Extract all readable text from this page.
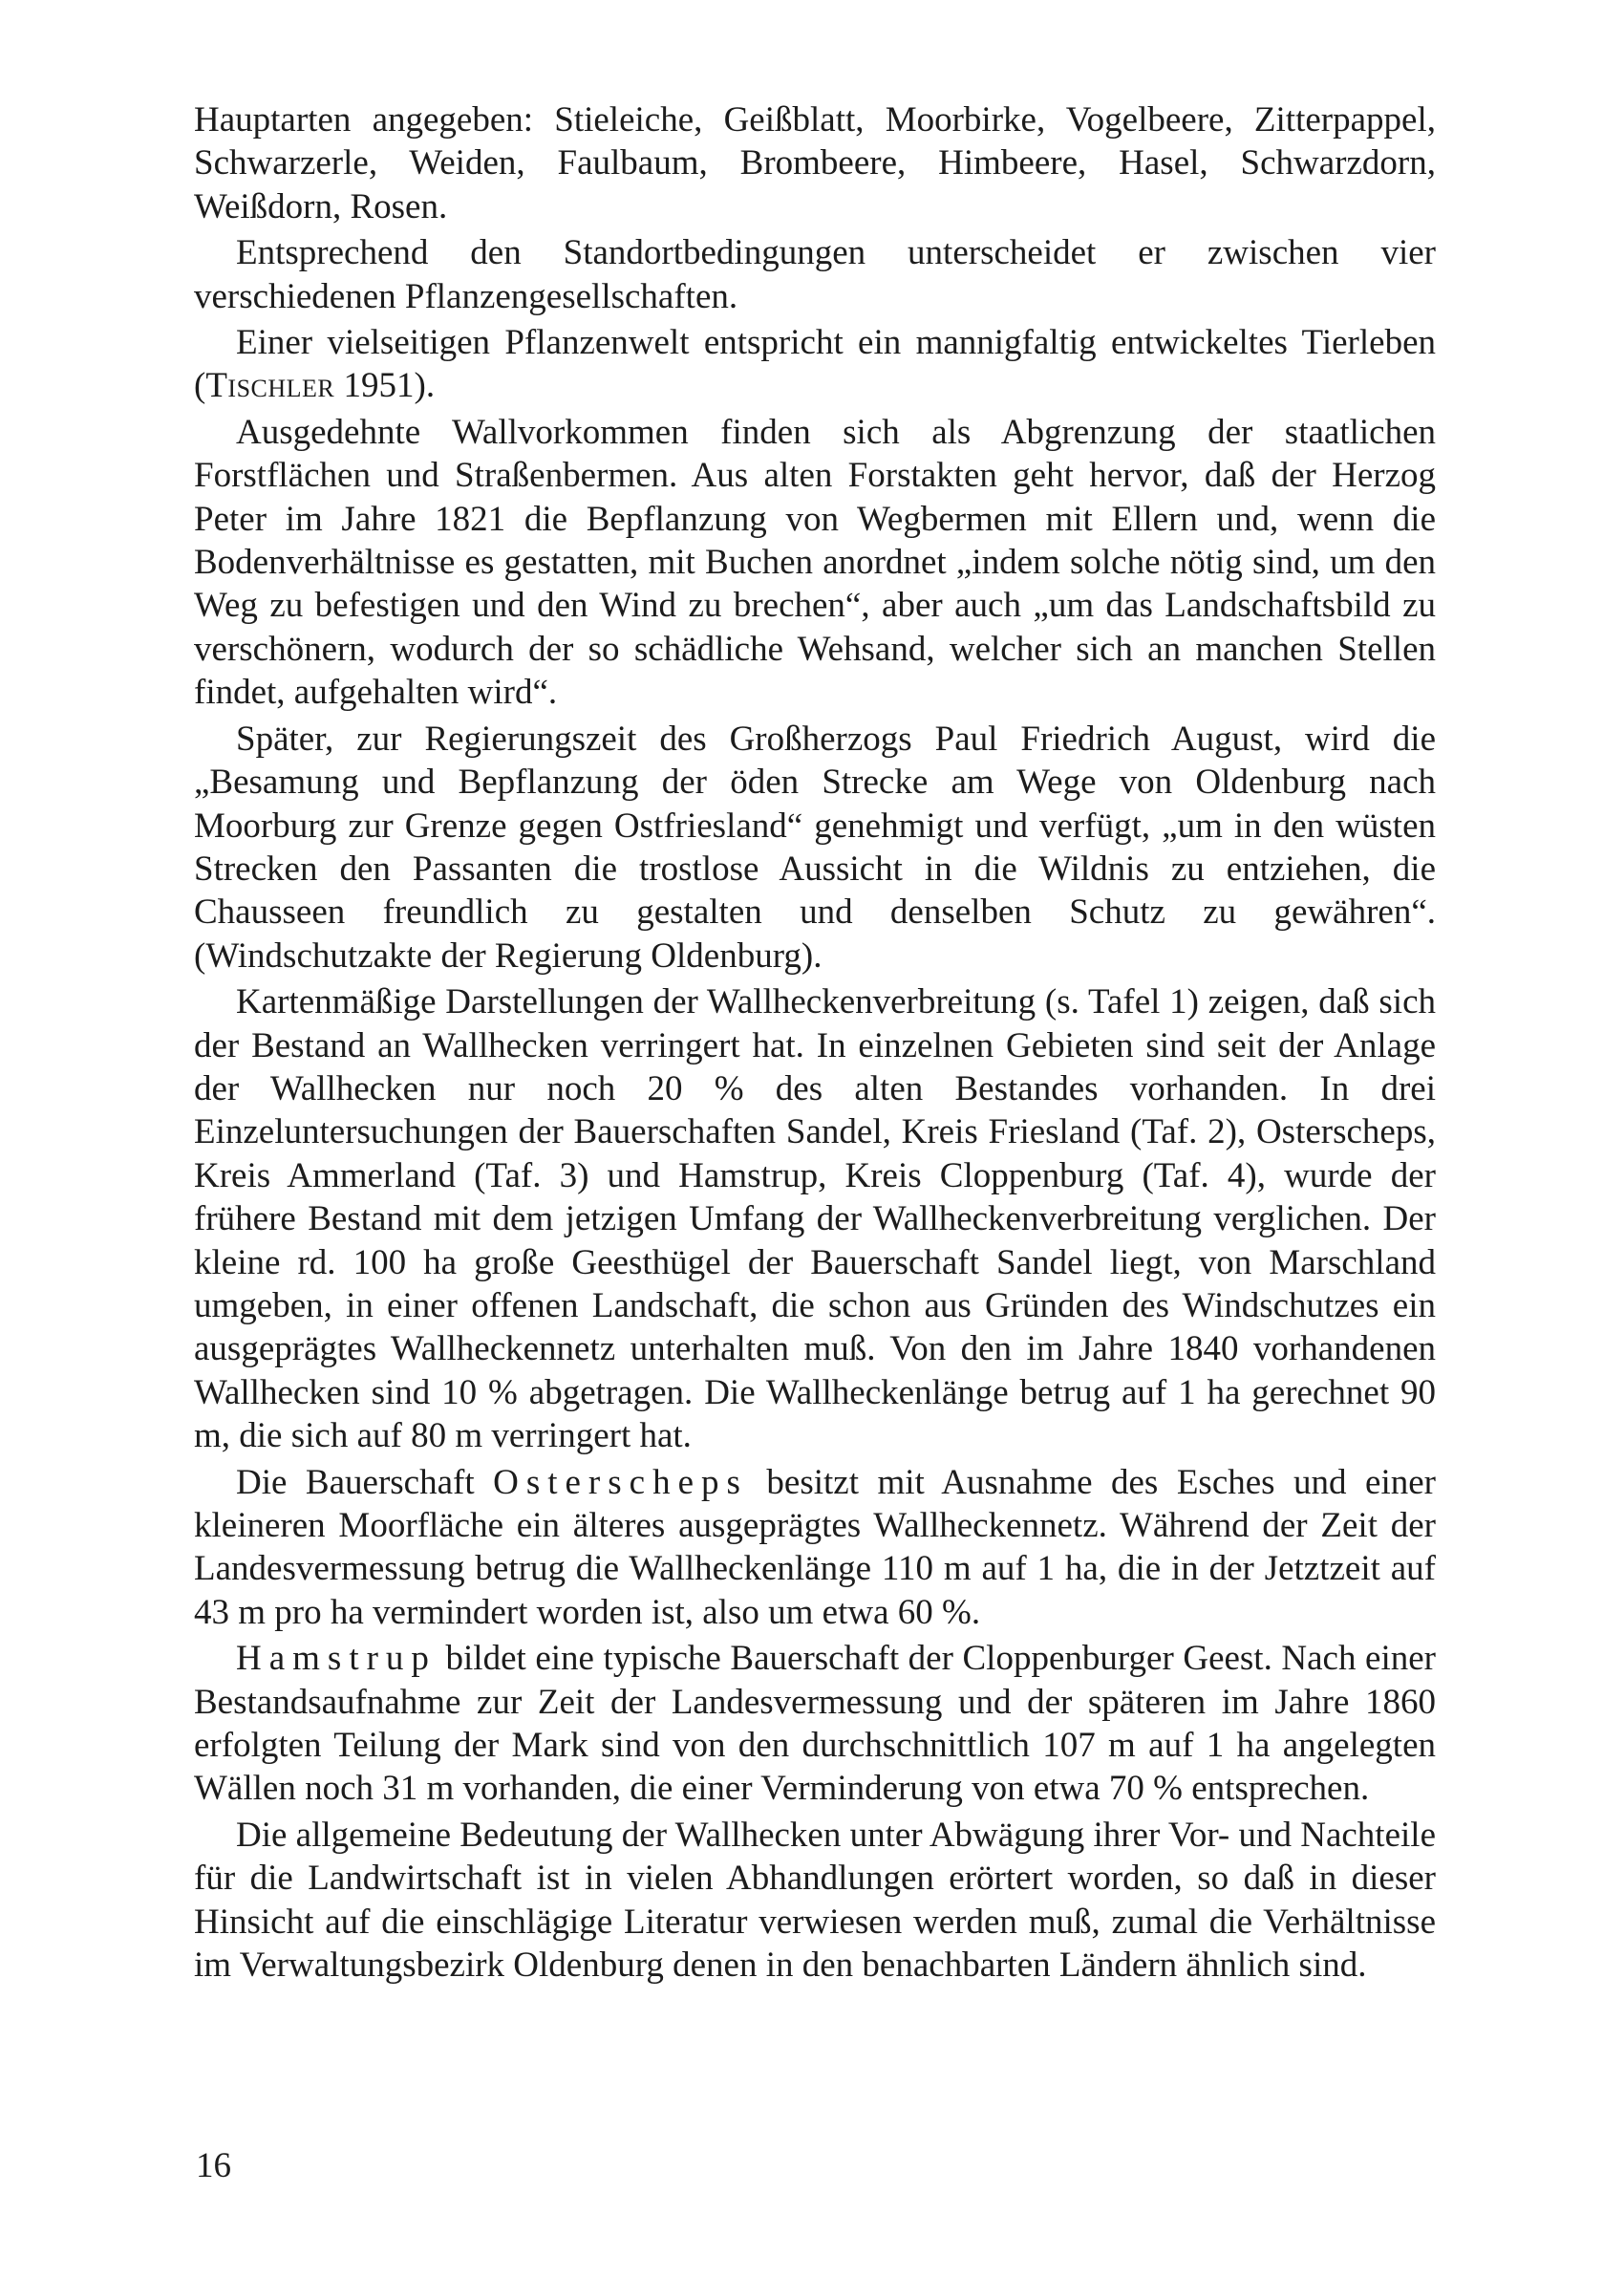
Hauptarten angegeben: Stieleiche, Geißblatt, Moorbirke, Vogelbeere, Zitterpappel, Schwarzerle, Weiden, Faulbaum, Brombeere, Himbeere, Hasel, Schwarzdorn, Weißdorn, Rosen.

Entsprechend den Standortbedingungen unterscheidet er zwischen vier verschiedenen Pflanzengesellschaften.

Einer vielseitigen Pflanzenwelt entspricht ein mannigfaltig entwickeltes Tierleben (Tischler 1951).

Ausgedehnte Wallvorkommen finden sich als Abgrenzung der staatlichen Forstflächen und Straßenbermen. Aus alten Forstakten geht hervor, daß der Herzog Peter im Jahre 1821 die Bepflanzung von Wegbermen mit Ellern und, wenn die Bodenverhältnisse es gestatten, mit Buchen anordnet „indem solche nötig sind, um den Weg zu befestigen und den Wind zu brechen“, aber auch „um das Landschaftsbild zu verschönern, wodurch der so schädliche Wehsand, welcher sich an manchen Stellen findet, aufgehalten wird“.

Später, zur Regierungszeit des Großherzogs Paul Friedrich August, wird die „Besamung und Bepflanzung der öden Strecke am Wege von Oldenburg nach Moorburg zur Grenze gegen Ostfriesland“ genehmigt und verfügt, „um in den wüsten Strecken den Passanten die trostlose Aussicht in die Wildnis zu entziehen, die Chausseen freundlich zu gestalten und denselben Schutz zu gewähren“. (Windschutzakte der Regierung Oldenburg).

Kartenmäßige Darstellungen der Wallheckenverbreitung (s. Tafel 1) zeigen, daß sich der Bestand an Wallhecken verringert hat. In einzelnen Gebieten sind seit der Anlage der Wallhecken nur noch 20 % des alten Bestandes vorhanden. In drei Einzeluntersuchungen der Bauerschaften Sandel, Kreis Friesland (Taf. 2), Osterscheps, Kreis Ammerland (Taf. 3) und Hamstrup, Kreis Cloppenburg (Taf. 4), wurde der frühere Bestand mit dem jetzigen Umfang der Wallheckenverbreitung verglichen. Der kleine rd. 100 ha große Geesthügel der Bauerschaft Sandel liegt, von Marschland umgeben, in einer offenen Landschaft, die schon aus Gründen des Windschutzes ein ausgeprägtes Wallheckennetz unterhalten muß. Von den im Jahre 1840 vorhandenen Wallhecken sind 10 % abgetragen. Die Wallheckenlänge betrug auf 1 ha gerechnet 90 m, die sich auf 80 m verringert hat.

Die Bauerschaft Osterscheps besitzt mit Ausnahme des Esches und einer kleineren Moorfläche ein älteres ausgeprägtes Wallheckennetz. Während der Zeit der Landesvermessung betrug die Wallheckenlänge 110 m auf 1 ha, die in der Jetztzeit auf 43 m pro ha vermindert worden ist, also um etwa 60 %.

Hamstrup bildet eine typische Bauerschaft der Cloppenburger Geest. Nach einer Bestandsaufnahme zur Zeit der Landesvermessung und der späteren im Jahre 1860 erfolgten Teilung der Mark sind von den durchschnittlich 107 m auf 1 ha angelegten Wällen noch 31 m vorhanden, die einer Verminderung von etwa 70 % entsprechen.

Die allgemeine Bedeutung der Wallhecken unter Abwägung ihrer Vor- und Nachteile für die Landwirtschaft ist in vielen Abhandlungen erörtert worden, so daß in dieser Hinsicht auf die einschlägige Literatur verwiesen werden muß, zumal die Verhältnisse im Verwaltungsbezirk Oldenburg denen in den benachbarten Ländern ähnlich sind.

16
